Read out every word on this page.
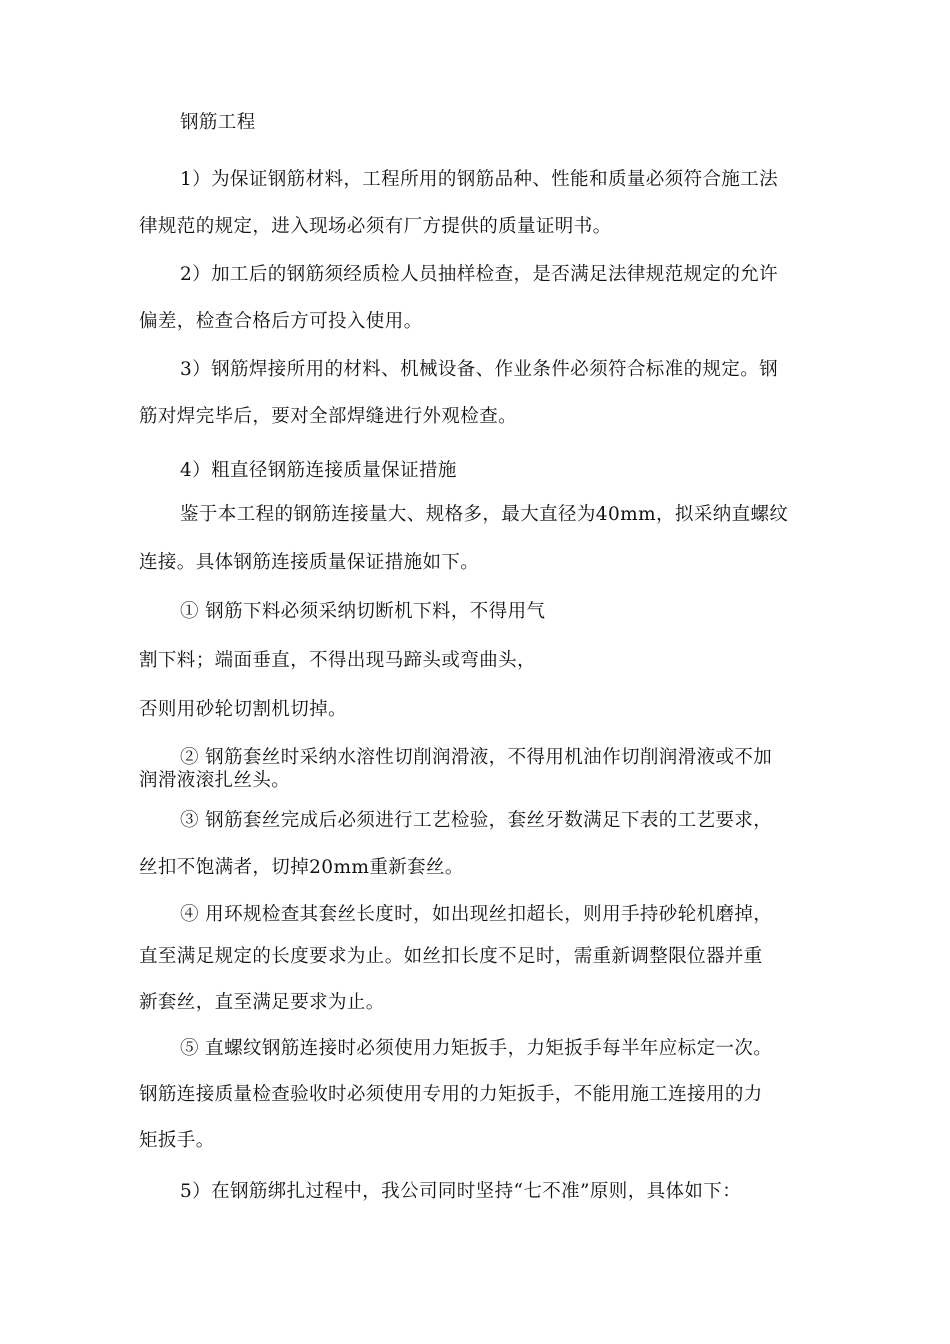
钢筋工程
1）为保证钢筋材料，工程所用的钢筋品种、性能和质量必须符合施工法
律规范的规定，进入现场必须有厂方提供的质量证明书。
2）加工后的钢筋须经质检人员抽样检查，是否满足法律规范规定的允许
偏差，检查合格后方可投入使用。
3）钢筋焊接所用的材料、机械设备、作业条件必须符合标准的规定。钢
筋对焊完毕后，要对全部焊缝进行外观检查。
4）粗直径钢筋连接质量保证措施
鉴于本工程的钢筋连接量大、规格多，最大直径为40mm，拟采纳直螺纹
连接。具体钢筋连接质量保证措施如下。
① 钢筋下料必须采纳切断机下料，不得用气
割下料；端面垂直，不得出现马蹄头或弯曲头，
否则用砂轮切割机切掉。
② 钢筋套丝时采纳水溶性切削润滑液，不得用机油作切削润滑液或不加
润滑液滚扎丝头。
③ 钢筋套丝完成后必须进行工艺检验，套丝牙数满足下表的工艺要求，
丝扣不饱满者，切掉20mm重新套丝。
④ 用环规检查其套丝长度时，如出现丝扣超长，则用手持砂轮机磨掉，
直至满足规定的长度要求为止。如丝扣长度不足时，需重新调整限位器并重
新套丝，直至满足要求为止。
⑤ 直螺纹钢筋连接时必须使用力矩扳手，力矩扳手每半年应标定一次。
钢筋连接质量检查验收时必须使用专用的力矩扳手，不能用施工连接用的力
矩扳手。
5）在钢筋绑扎过程中，我公司同时坚持“七不准”原则，具体如下：
